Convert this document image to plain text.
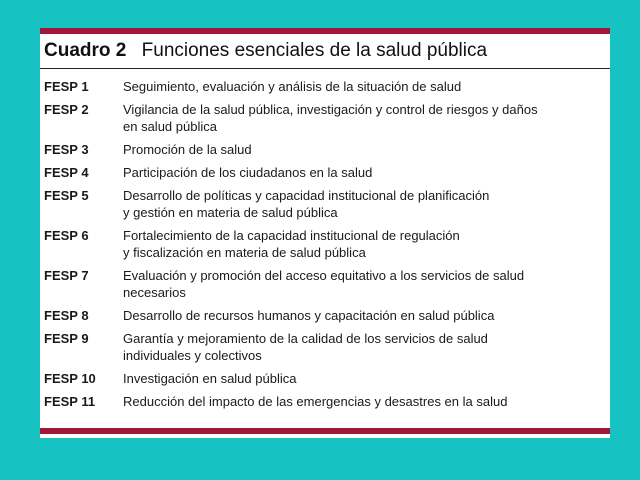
Cuadro 2 Funciones esenciales de la salud pública
FESP 1	Seguimiento, evaluación y análisis de la situación de salud
FESP 2	Vigilancia de la salud pública, investigación y control de riesgos y daños
en salud pública
FESP 3	Promoción de la salud
FESP 4	Participación de los ciudadanos en la salud
FESP 5	Desarrollo de políticas y capacidad institucional de planificación
y gestión en materia de salud pública
FESP 6	Fortalecimiento de la capacidad institucional de regulación
y fiscalización en materia de salud pública
FESP 7	Evaluación y promoción del acceso equitativo a los servicios de salud
necesarios
FESP 8	Desarrollo de recursos humanos y capacitación en salud pública
FESP 9	Garantía y mejoramiento de la calidad de los servicios de salud
individuales y colectivos
FESP 10	Investigación en salud pública
FESP 11	Reducción del impacto de las emergencias y desastres en la salud
